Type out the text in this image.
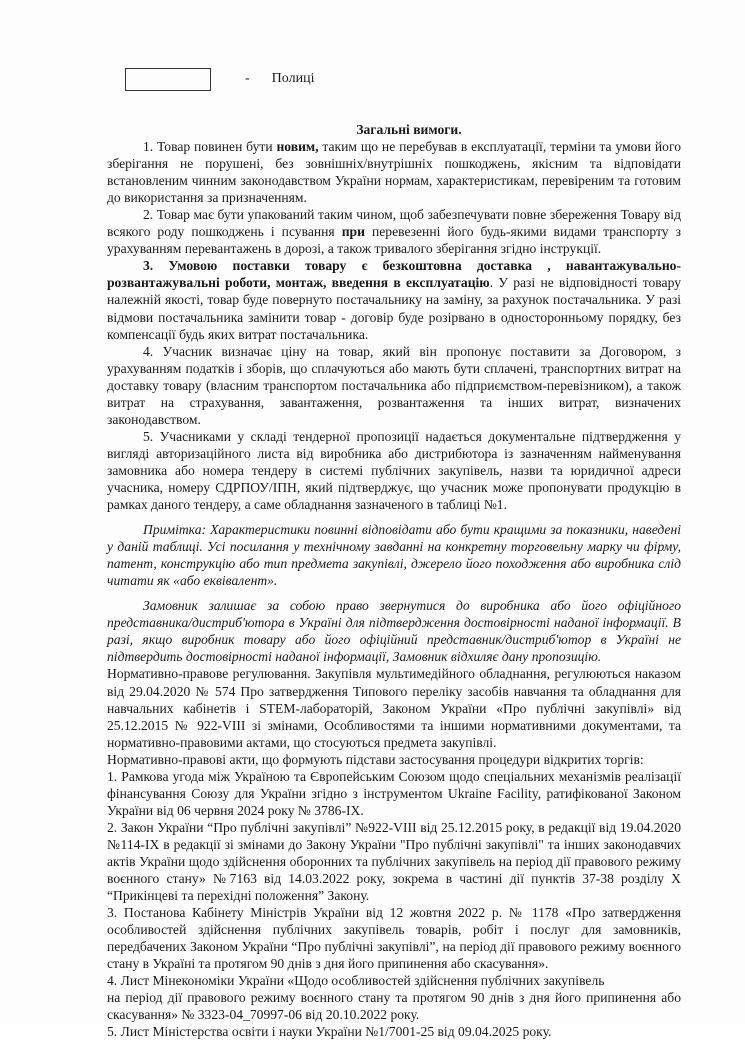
- Полиці

Загальні вимоги.

1. Товар повинен бути новим, таким що не перебував в експлуатації, терміни та умови його зберігання не порушені, без зовнішніх/внутрішніх пошкоджень, якісним та відповідати встановленим чинним законодавством України нормам, характеристикам, перевіреним та готовим до використання за призначенням.

2. Товар має бути упакований таким чином, щоб забезпечувати повне збереження Товару від всякого роду пошкоджень і псування при перевезенні його будь-якими видами транспорту з урахуванням перевантажень в дорозі, а також тривалого зберігання згідно інструкції.

3. Умовою поставки товару є безкоштовна доставка , навантажувально-розвантажувальні роботи, монтаж, введення в експлуатацію. У разі не відповідності товару належній якості, товар буде повернуто постачальнику на заміну, за рахунок постачальника. У разі відмови постачальника замінити товар - договір буде розірвано в односторонньому порядку, без компенсації будь яких витрат постачальника.

4. Учасник визначає ціну на товар, який він пропонує поставити за Договором, з урахуванням податків і зборів, що сплачуються або мають бути сплачені, транспортних витрат на доставку товару (власним транспортом постачальника або підприємством-перевізником), а також витрат на страхування, завантаження, розвантаження та інших витрат, визначених законодавством.

5. Учасниками у складі тендерної пропозиції надається документальне підтвердження у вигляді авторизаційного листа від виробника або дистрибютора із зазначенням найменування замовника або номера тендеру в системі публічних закупівель, назви та юридичної адреси учасника, номеру СДРПОУ/ІПН, який підтверджує, що учасник може пропонувати продукцію в рамках даного тендеру, а саме обладнання зазначеного в таблиці №1.

Примітка: Характеристики повинні відповідати або бути кращими за показники, наведені у даній таблиці. Усі посилання у технічному завданні на конкретну торговельну марку чи фірму, патент, конструкцію або тип предмета закупівлі, джерело його походження або виробника слід читати як «або еквівалент».

Замовник залишає за собою право звернутися до виробника або його офіційного представника/дистриб'ютора в Україні для підтвердження достовірності наданої інформації. В разі, якщо виробник товару або його офіційний представник/дистриб'ютор в Україні не підтвердить достовірності наданої інформації, Замовник відхиляє дану пропозицію.

Нормативно-правове регулювання. Закупівля мультимедійного обладнання, регулюються наказом від 29.04.2020 № 574 Про затвердження Типового переліку засобів навчання та обладнання для навчальних кабінетів і STEM-лабораторій, Законом України «Про публічні закупівлі» від 25.12.2015 № 922-VIII зі змінами, Особливостями та іншими нормативними документами, та нормативно-правовими актами, що стосуються предмета закупівлі.

Нормативно-правові акти, що формують підстави застосування процедури відкритих торгів:

1. Рамкова угода між Україною та Європейським Союзом щодо спеціальних механізмів реалізації фінансування Союзу для України згідно з інструментом Ukraine Facility, ратифікованої Законом України від 06 червня 2024 року № 3786-IX.

2. Закон України “Про публічні закупівлі” №922-VIII від 25.12.2015 року, в редакції від 19.04.2020 №114-IX в редакції зі змінами до Закону України "Про публічні закупівлі" та інших законодавчих актів України щодо здійснення оборонних та публічних закупівель на період дії правового режиму воєнного стану» №7163 від 14.03.2022 року, зокрема в частині дії пунктів 37-38 розділу X “Прикінцеві та перехідні положення” Закону.

3. Постанова Кабінету Міністрів України від 12 жовтня 2022 р. № 1178 «Про затвердження особливостей здійснення публічних закупівель товарів, робіт і послуг для замовників, передбачених Законом України “Про публічні закупівлі”, на період дії правового режиму воєнного стану в Україні та протягом 90 днів з дня його припинення або скасування».

4. Лист Мінекономіки України «Щодо особливостей здійснення публічних закупівель
на період дії правового режиму воєнного стану та протягом 90 днів з дня його припинення або скасування» № 3323-04_70997-06 від 20.10.2022 року.

5. Лист Міністерства освіти і науки України №1/7001-25 від 09.04.2025 року.
